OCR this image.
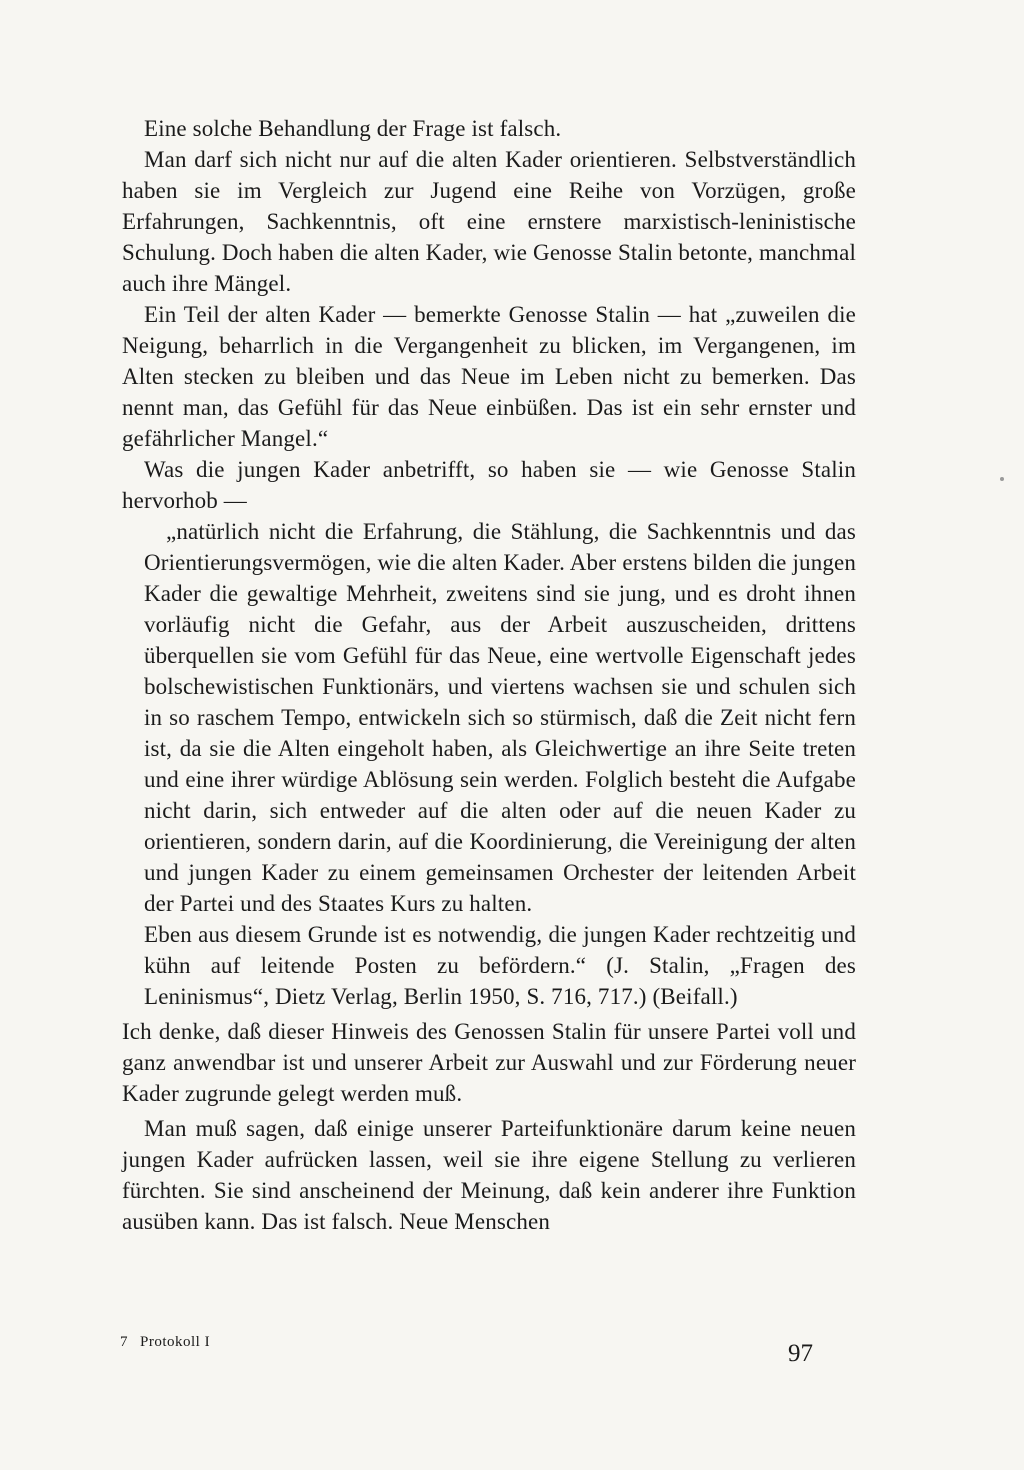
Eine solche Behandlung der Frage ist falsch.

Man darf sich nicht nur auf die alten Kader orientieren. Selbstverständlich haben sie im Vergleich zur Jugend eine Reihe von Vorzügen, große Erfahrungen, Sachkenntnis, oft eine ernstere marxistisch-leninistische Schulung. Doch haben die alten Kader, wie Genosse Stalin betonte, manchmal auch ihre Mängel.

Ein Teil der alten Kader — bemerkte Genosse Stalin — hat „zuweilen die Neigung, beharrlich in die Vergangenheit zu blicken, im Vergangenen, im Alten stecken zu bleiben und das Neue im Leben nicht zu bemerken. Das nennt man, das Gefühl für das Neue einbüßen. Das ist ein sehr ernster und gefährlicher Mangel.“

Was die jungen Kader anbetrifft, so haben sie — wie Genosse Stalin hervorhob —

„natürlich nicht die Erfahrung, die Stählung, die Sachkenntnis und das Orientierungsvermögen, wie die alten Kader. Aber erstens bilden die jungen Kader die gewaltige Mehrheit, zweitens sind sie jung, und es droht ihnen vorläufig nicht die Gefahr, aus der Arbeit auszuscheiden, drittens überquellen sie vom Gefühl für das Neue, eine wertvolle Eigenschaft jedes bolschewistischen Funktionärs, und viertens wachsen sie und schulen sich in so raschem Tempo, entwickeln sich so stürmisch, daß die Zeit nicht fern ist, da sie die Alten eingeholt haben, als Gleichwertige an ihre Seite treten und eine ihrer würdige Ablösung sein werden. Folglich besteht die Aufgabe nicht darin, sich entweder auf die alten oder auf die neuen Kader zu orientieren, sondern darin, auf die Koordinierung, die Vereinigung der alten und jungen Kader zu einem gemeinsamen Orchester der leitenden Arbeit der Partei und des Staates Kurs zu halten.

Eben aus diesem Grunde ist es notwendig, die jungen Kader rechtzeitig und kühn auf leitende Posten zu befördern.“ (J. Stalin, „Fragen des Leninismus“, Dietz Verlag, Berlin 1950, S. 716, 717.) (Beifall.)

Ich denke, daß dieser Hinweis des Genossen Stalin für unsere Partei voll und ganz anwendbar ist und unserer Arbeit zur Auswahl und zur Förderung neuer Kader zugrunde gelegt werden muß.

Man muß sagen, daß einige unserer Parteifunktionäre darum keine neuen jungen Kader aufrücken lassen, weil sie ihre eigene Stellung zu verlieren fürchten. Sie sind anscheinend der Meinung, daß kein anderer ihre Funktion ausüben kann. Das ist falsch. Neue Menschen

7 Protokoll I	97
